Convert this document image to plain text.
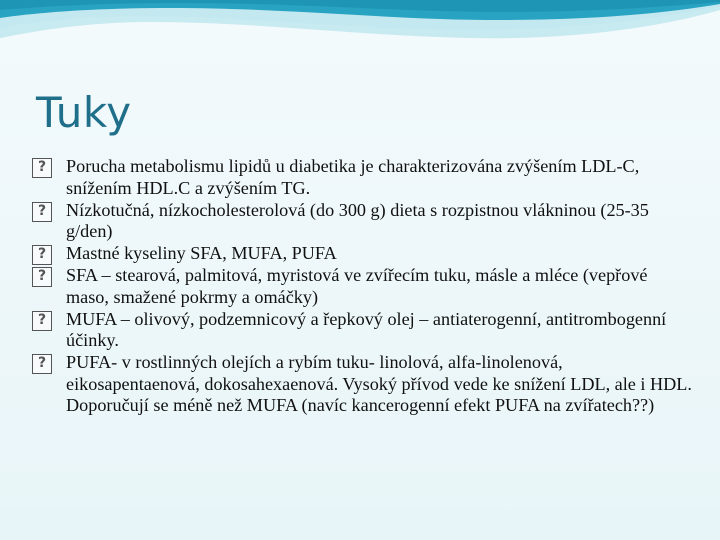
Tuky
?	Porucha metabolismu lipidů u diabetika je charakterizována zvýšením LDL-C, snížením HDL.C a zvýšením TG.
?	Nízkotučná, nízkocholesterolová (do 300 g) dieta s rozpistnou vlákninou (25-35 g/den)
?	Mastné kyseliny SFA, MUFA, PUFA
?	SFA – stearová, palmitová, myristová ve zvířecím tuku, másle a mléce (vepřové maso, smažené pokrmy a omáčky)
?	MUFA – olivový, podzemnicový a řepkový olej – antiaterogenní, antitrombogenní účinky.
?	PUFA- v rostlinných olejích a rybím tuku- linolová, alfa-linolenová, eikosapentaenová, dokosahexaenová. Vysoký přívod vede ke snížení LDL, ale i HDL. Doporučují se méně než MUFA (navíc kancerogenní efekt PUFA na zvířatech??)
